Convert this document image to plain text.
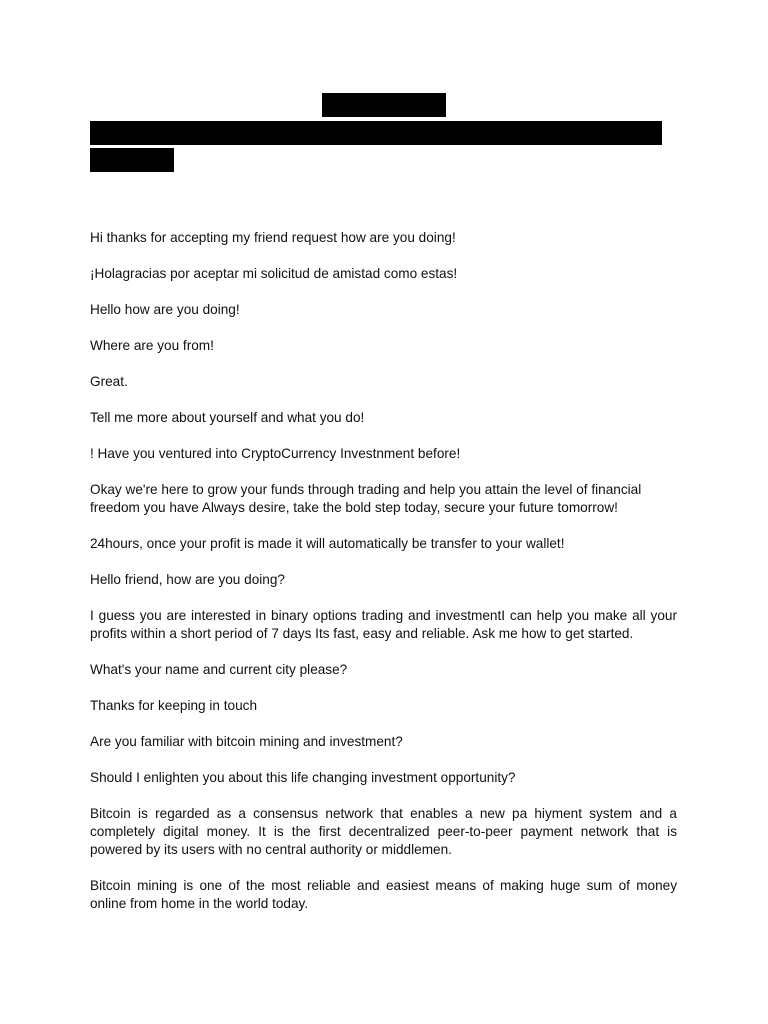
Hi thanks for accepting my friend request how are you doing!

¡Holagracias por aceptar mi solicitud de amistad como estas!

Hello how are you doing!

Where are you from!

Great.

Tell me more about yourself and what you do!

! Have you ventured into CryptoCurrency Investnment before!

Okay we're here to grow your funds through trading and help you attain the level of financial freedom you have Always desire, take the bold step today, secure your future tomorrow!

24hours, once your profit is made it will automatically be transfer to your wallet!

Hello friend, how are you doing?

I guess you are interested in binary options trading and investmentI can help you make all your profits within a short period of 7 days Its fast, easy and reliable. Ask me how to get started.

What's your name and current city please?

Thanks for keeping in touch

Are you familiar with bitcoin mining and investment?

Should I enlighten you about this life changing investment opportunity?

Bitcoin is regarded as a consensus network that enables a new pa hiyment system and a completely digital money. It is the first decentralized peer-to-peer payment network that is powered by its users with no central authority or middlemen.

Bitcoin mining is one of the most reliable and easiest means of making huge sum of money online from home in the world today.
